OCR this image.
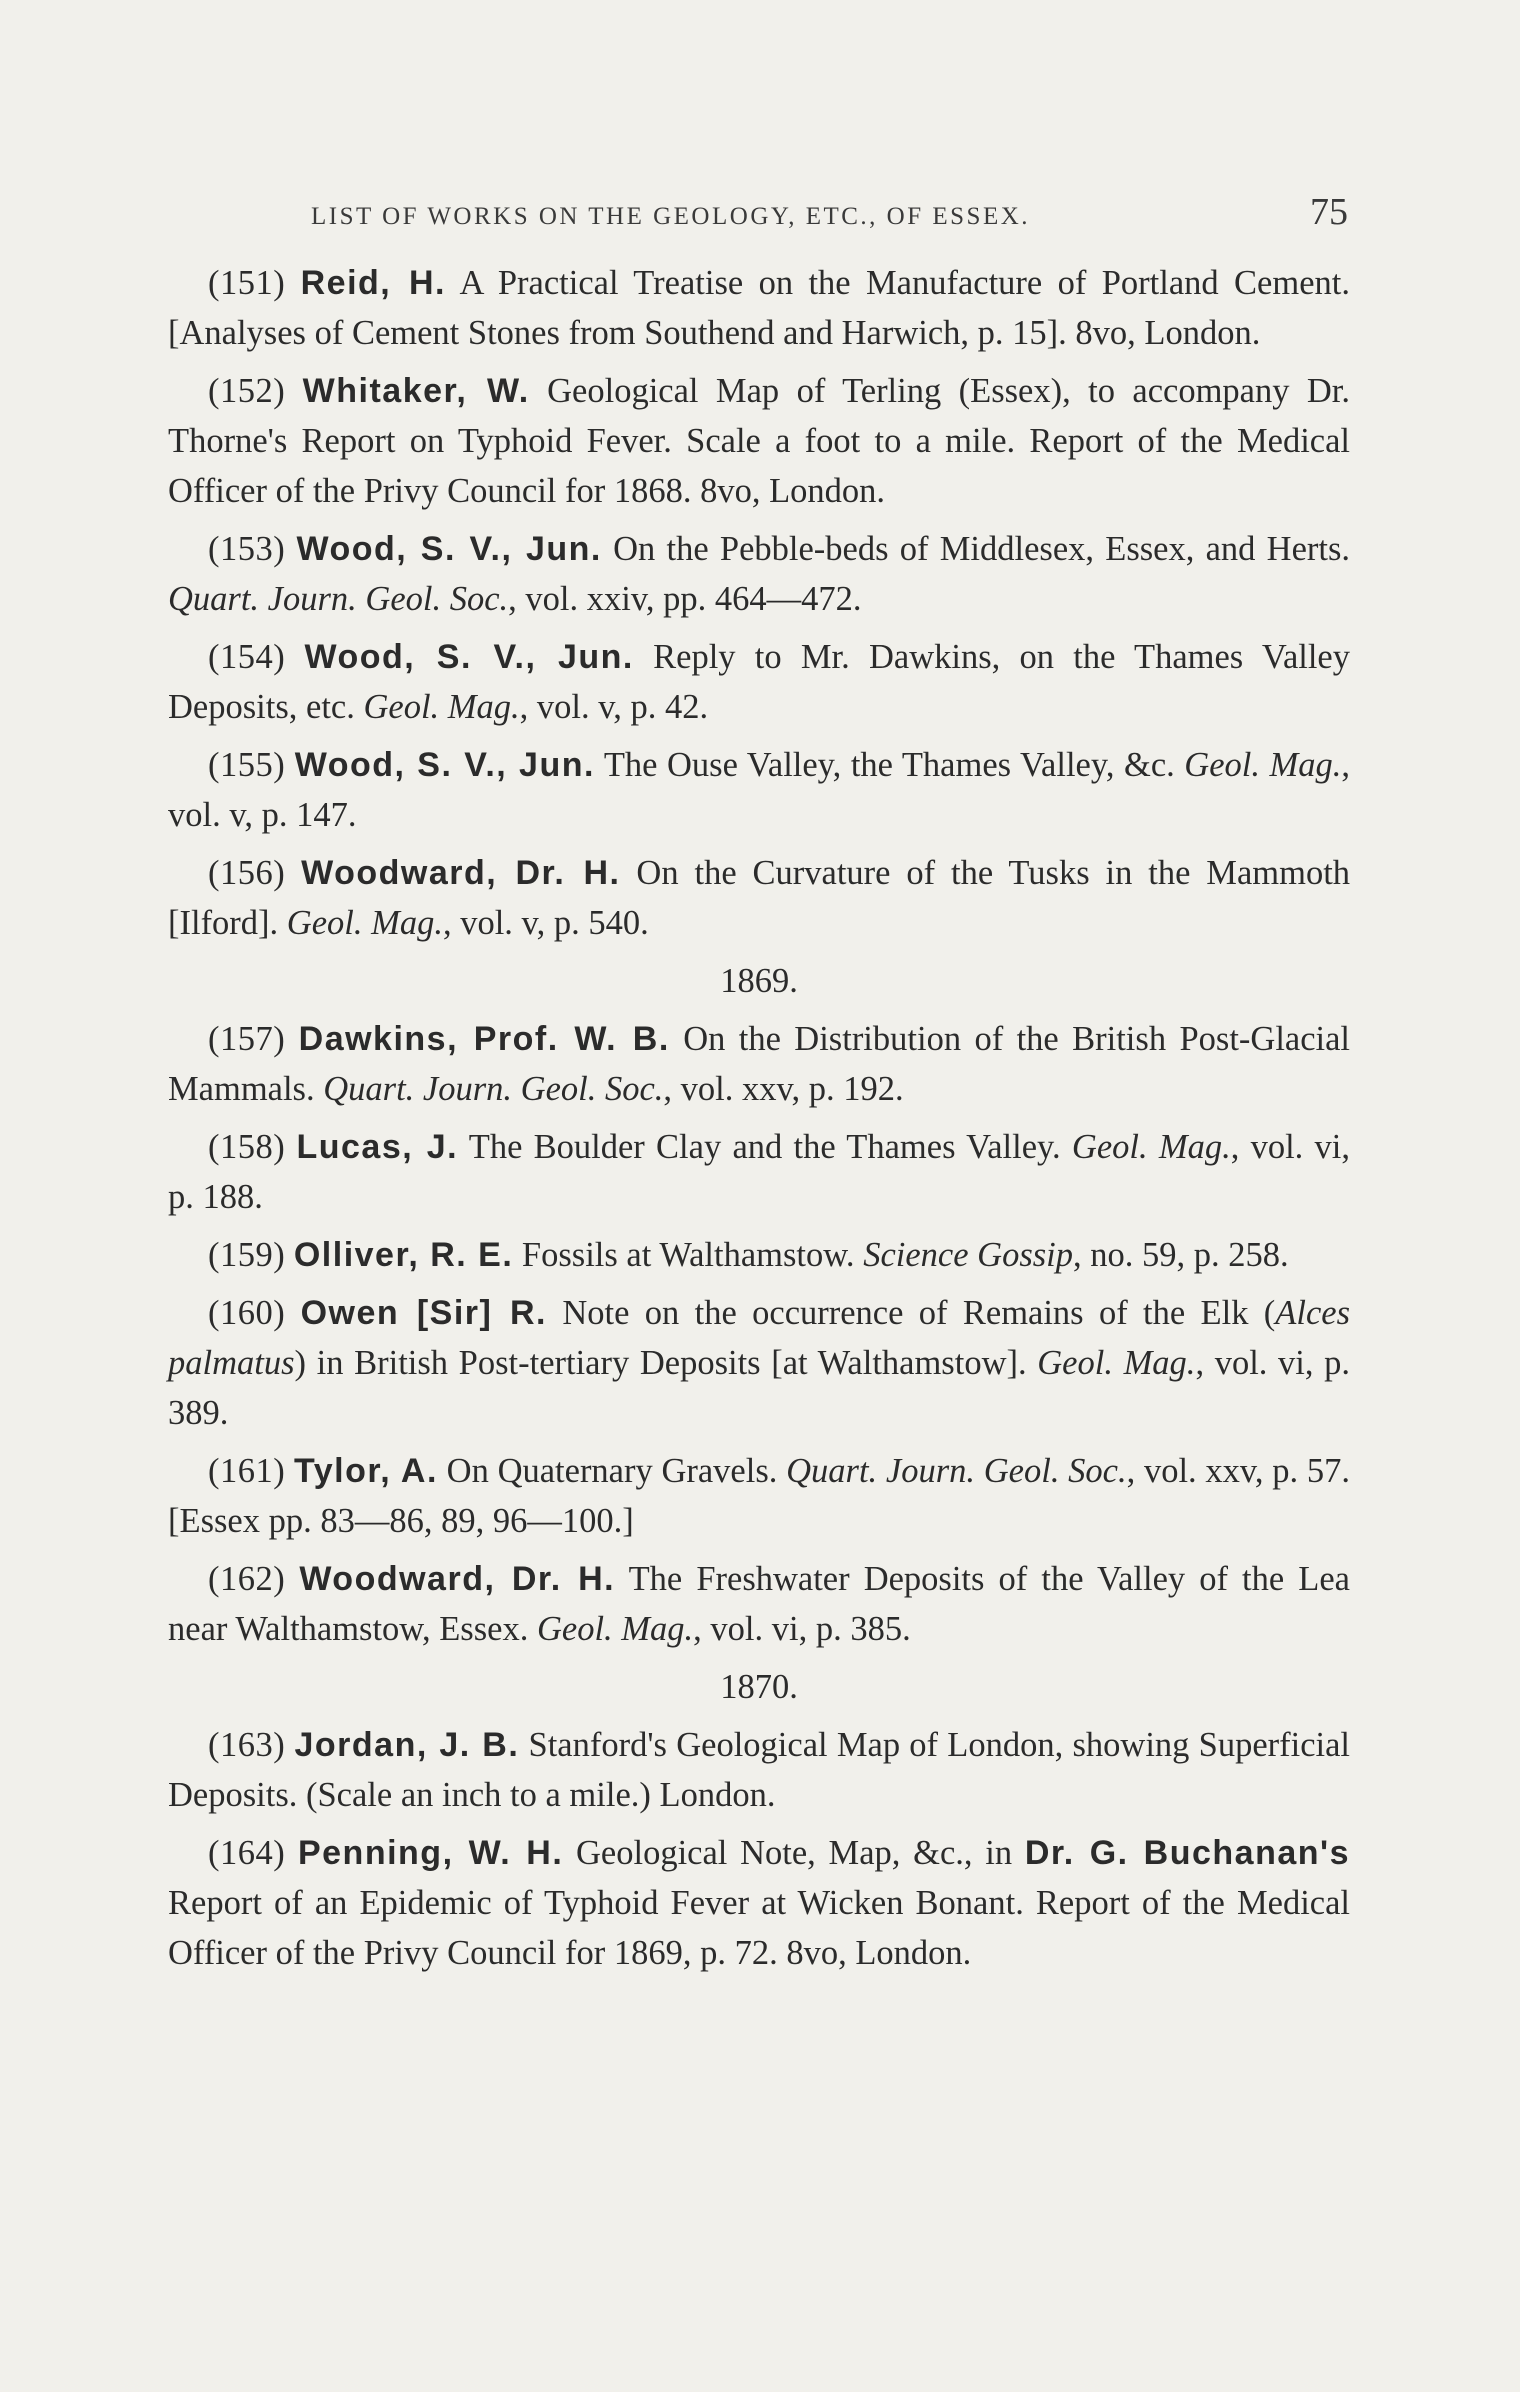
LIST OF WORKS ON THE GEOLOGY, ETC., OF ESSEX.	75

(151) Reid, H. A Practical Treatise on the Manufacture of Portland Cement. [Analyses of Cement Stones from Southend and Harwich, p. 15]. 8vo, London.

(152) Whitaker, W. Geological Map of Terling (Essex), to accompany Dr. Thorne's Report on Typhoid Fever. Scale a foot to a mile. Report of the Medical Officer of the Privy Council for 1868. 8vo, London.

(153) Wood, S. V., Jun. On the Pebble-beds of Middlesex, Essex, and Herts. Quart. Journ. Geol. Soc., vol. xxiv, pp. 464—472.

(154) Wood, S. V., Jun. Reply to Mr. Dawkins, on the Thames Valley Deposits, etc. Geol. Mag., vol. v, p. 42.

(155) Wood, S. V., Jun. The Ouse Valley, the Thames Valley, &c. Geol. Mag., vol. v, p. 147.

(156) Woodward, Dr. H. On the Curvature of the Tusks in the Mammoth [Ilford]. Geol. Mag., vol. v, p. 540.

1869.

(157) Dawkins, Prof. W. B. On the Distribution of the British Post-Glacial Mammals. Quart. Journ. Geol. Soc., vol. xxv, p. 192.

(158) Lucas, J. The Boulder Clay and the Thames Valley. Geol. Mag., vol. vi, p. 188.

(159) Olliver, R. E. Fossils at Walthamstow. Science Gossip, no. 59, p. 258.

(160) Owen [Sir] R. Note on the occurrence of Remains of the Elk (Alces palmatus) in British Post-tertiary Deposits [at Walthamstow]. Geol. Mag., vol. vi, p. 389.

(161) Tylor, A. On Quaternary Gravels. Quart. Journ. Geol. Soc., vol. xxv, p. 57. [Essex pp. 83—86, 89, 96—100.]

(162) Woodward, Dr. H. The Freshwater Deposits of the Valley of the Lea near Walthamstow, Essex. Geol. Mag., vol. vi, p. 385.

1870.

(163) Jordan, J. B. Stanford's Geological Map of London, showing Superficial Deposits. (Scale an inch to a mile.) London.

(164) Penning, W. H. Geological Note, Map, &c., in Dr. G. Buchanan's Report of an Epidemic of Typhoid Fever at Wicken Bonant. Report of the Medical Officer of the Privy Council for 1869, p. 72. 8vo, London.
